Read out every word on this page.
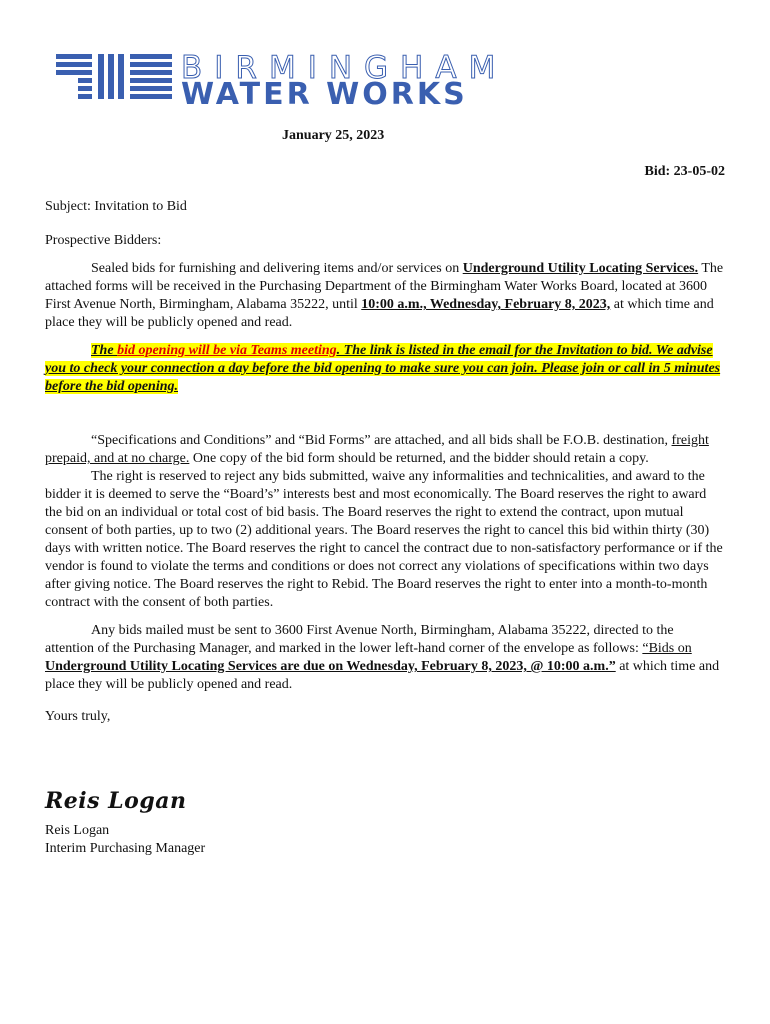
BIRMINGHAM
WATER WORKS
January 25, 2023
Bid: 23-05-02

Subject: Invitation to Bid

Prospective Bidders:

Sealed bids for furnishing and delivering items and/or services on Underground Utility Locating Services. The attached forms will be received in the Purchasing Department of the Birmingham Water Works Board, located at 3600 First Avenue North, Birmingham, Alabama 35222, until 10:00 a.m., Wednesday, February 8, 2023, at which time and place they will be publicly opened and read.

The bid opening will be via Teams meeting. The link is listed in the email for the Invitation to bid. We advise you to check your connection a day before the bid opening to make sure you can join. Please join or call in 5 minutes before the bid opening.

“Specifications and Conditions” and “Bid Forms” are attached, and all bids shall be F.O.B. destination, freight prepaid, and at no charge. One copy of the bid form should be returned, and the bidder should retain a copy.

The right is reserved to reject any bids submitted, waive any informalities and technicalities, and award to the bidder it is deemed to serve the “Board’s” interests best and most economically. The Board reserves the right to award the bid on an individual or total cost of bid basis. The Board reserves the right to extend the contract, upon mutual consent of both parties, up to two (2) additional years. The Board reserves the right to cancel this bid within thirty (30) days with written notice. The Board reserves the right to cancel the contract due to non-satisfactory performance or if the vendor is found to violate the terms and conditions or does not correct any violations of specifications within two days after giving notice. The Board reserves the right to Rebid. The Board reserves the right to enter into a month-to-month contract with the consent of both parties.

Any bids mailed must be sent to 3600 First Avenue North, Birmingham, Alabama 35222, directed to the attention of the Purchasing Manager, and marked in the lower left-hand corner of the envelope as follows: “Bids on Underground Utility Locating Services are due on Wednesday, February 8, 2023, @ 10:00 a.m.” at which time and place they will be publicly opened and read.

Yours truly,

Reis Logan
Reis Logan
Interim Purchasing Manager
